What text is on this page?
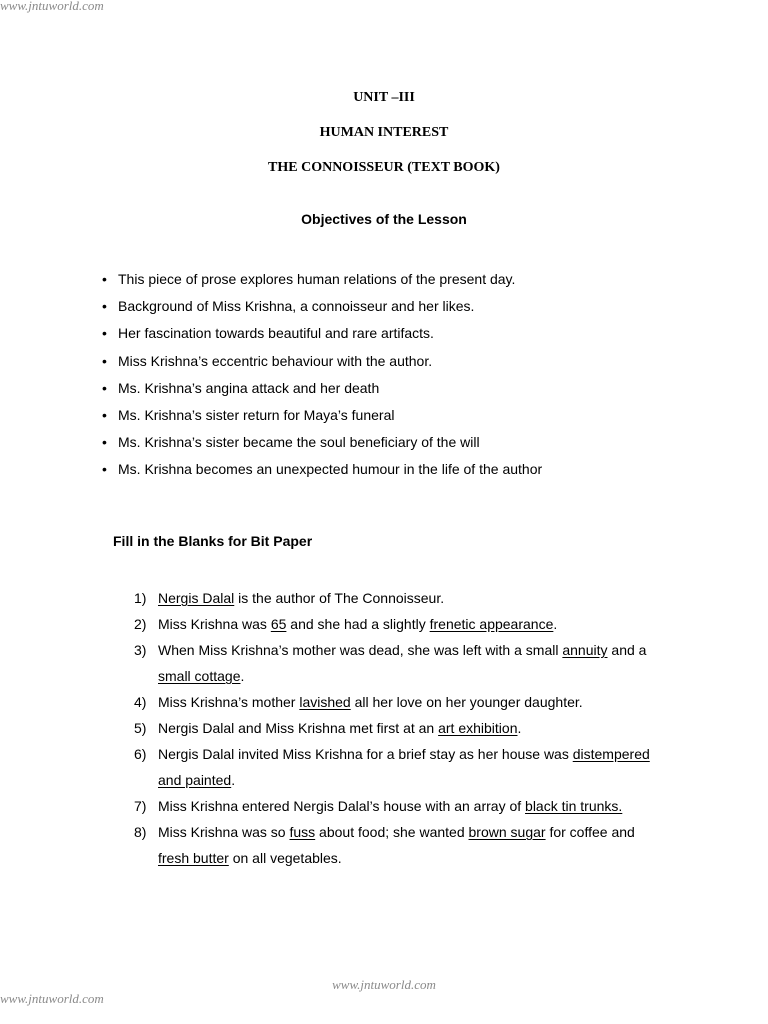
www.jntuworld.com
UNIT –III
HUMAN INTEREST
THE CONNOISSEUR (TEXT BOOK)
Objectives of the Lesson
• This piece of prose explores human relations of the present day.
• Background of Miss Krishna, a connoisseur and her likes.
• Her fascination towards beautiful and rare artifacts.
• Miss Krishna’s eccentric behaviour with the author.
• Ms. Krishna’s angina attack and her death
• Ms. Krishna’s sister return for Maya’s funeral
• Ms. Krishna’s sister became the soul beneficiary of the will
• Ms. Krishna becomes an unexpected humour in the life of the author
Fill in the Blanks for Bit Paper
1) Nergis Dalal is the author of The Connoisseur.
2) Miss Krishna was 65 and she had a slightly frenetic appearance.
3) When Miss Krishna’s mother was dead, she was left with a small annuity and a small cottage.
4) Miss Krishna’s mother lavished all her love on her younger daughter.
5) Nergis Dalal and Miss Krishna met first at an art exhibition.
6) Nergis Dalal invited Miss Krishna for a brief stay as her house was distempered and painted.
7) Miss Krishna entered Nergis Dalal’s house with an array of black tin trunks.
8) Miss Krishna was so fuss about food; she wanted brown sugar for coffee and fresh butter on all vegetables.
www.jntuworld.com
www.jntuworld.com
